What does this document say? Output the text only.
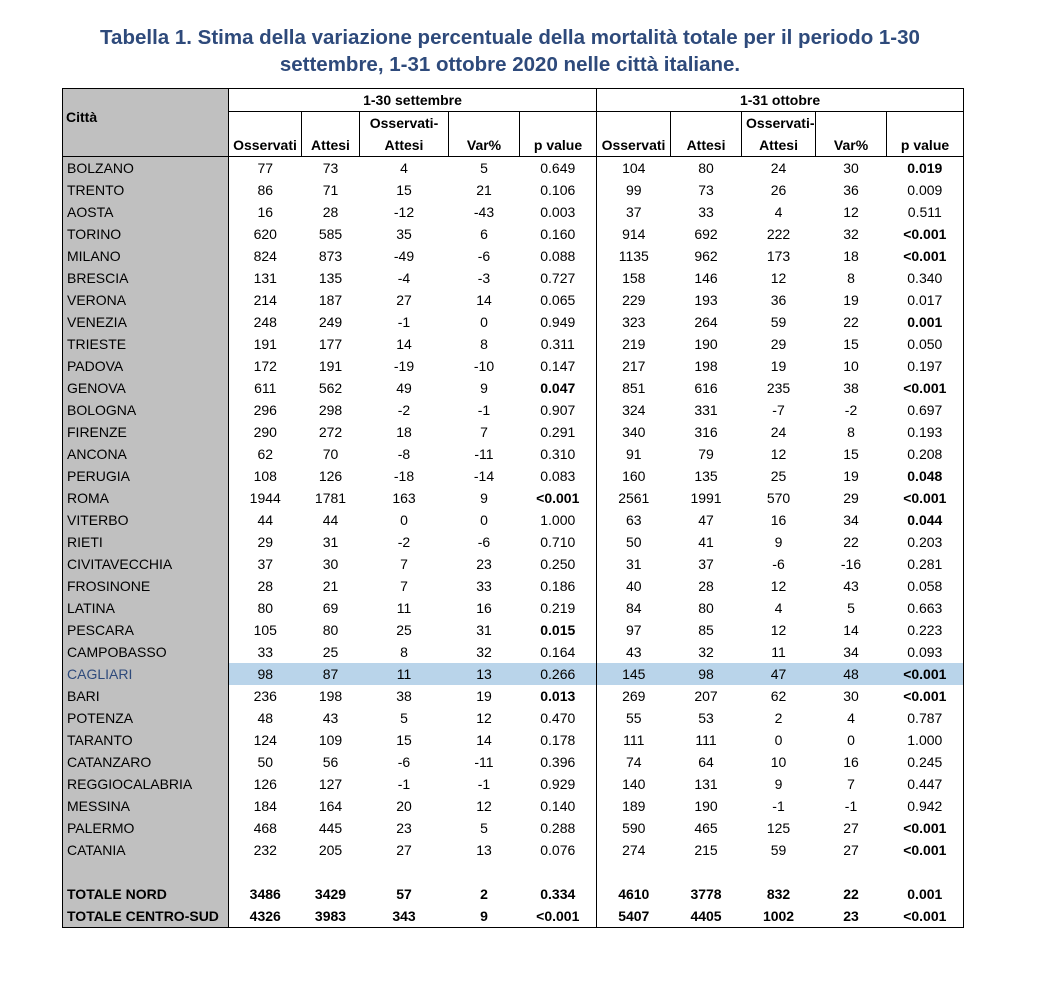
Tabella 1. Stima della variazione percentuale della mortalità totale per il periodo 1-30
settembre, 1-31 ottobre 2020 nelle città italiane.
Città	1-30 settembre					1-31 ottobre				
	Osservati	Attesi	Osservati-	Var%	p value	Osservati	Attesi	Osservati-	Var%	p value
			Attesi					Attesi		
BOLZANO	77	73	4	5	0.649	104	80	24	30	0.019
TRENTO	86	71	15	21	0.106	99	73	26	36	0.009
AOSTA	16	28	-12	-43	0.003	37	33	4	12	0.511
TORINO	620	585	35	6	0.160	914	692	222	32	<0.001
MILANO	824	873	-49	-6	0.088	1135	962	173	18	<0.001
BRESCIA	131	135	-4	-3	0.727	158	146	12	8	0.340
VERONA	214	187	27	14	0.065	229	193	36	19	0.017
VENEZIA	248	249	-1	0	0.949	323	264	59	22	0.001
TRIESTE	191	177	14	8	0.311	219	190	29	15	0.050
PADOVA	172	191	-19	-10	0.147	217	198	19	10	0.197
GENOVA	611	562	49	9	0.047	851	616	235	38	<0.001
BOLOGNA	296	298	-2	-1	0.907	324	331	-7	-2	0.697
FIRENZE	290	272	18	7	0.291	340	316	24	8	0.193
ANCONA	62	70	-8	-11	0.310	91	79	12	15	0.208
PERUGIA	108	126	-18	-14	0.083	160	135	25	19	0.048
ROMA	1944	1781	163	9	<0.001	2561	1991	570	29	<0.001
VITERBO	44	44	0	0	1.000	63	47	16	34	0.044
RIETI	29	31	-2	-6	0.710	50	41	9	22	0.203
CIVITAVECCHIA	37	30	7	23	0.250	31	37	-6	-16	0.281
FROSINONE	28	21	7	33	0.186	40	28	12	43	0.058
LATINA	80	69	11	16	0.219	84	80	4	5	0.663
PESCARA	105	80	25	31	0.015	97	85	12	14	0.223
CAMPOBASSO	33	25	8	32	0.164	43	32	11	34	0.093
CAGLIARI	98	87	11	13	0.266	145	98	47	48	<0.001
BARI	236	198	38	19	0.013	269	207	62	30	<0.001
POTENZA	48	43	5	12	0.470	55	53	2	4	0.787
TARANTO	124	109	15	14	0.178	111	111	0	0	1.000
CATANZARO	50	56	-6	-11	0.396	74	64	10	16	0.245
REGGIOCALABRIA	126	127	-1	-1	0.929	140	131	9	7	0.447
MESSINA	184	164	20	12	0.140	189	190	-1	-1	0.942
PALERMO	468	445	23	5	0.288	590	465	125	27	<0.001
CATANIA	232	205	27	13	0.076	274	215	59	27	<0.001

TOTALE NORD	3486	3429	57	2	0.334	4610	3778	832	22	0.001
TOTALE CENTRO-SUD	4326	3983	343	9	<0.001	5407	4405	1002	23	<0.001
